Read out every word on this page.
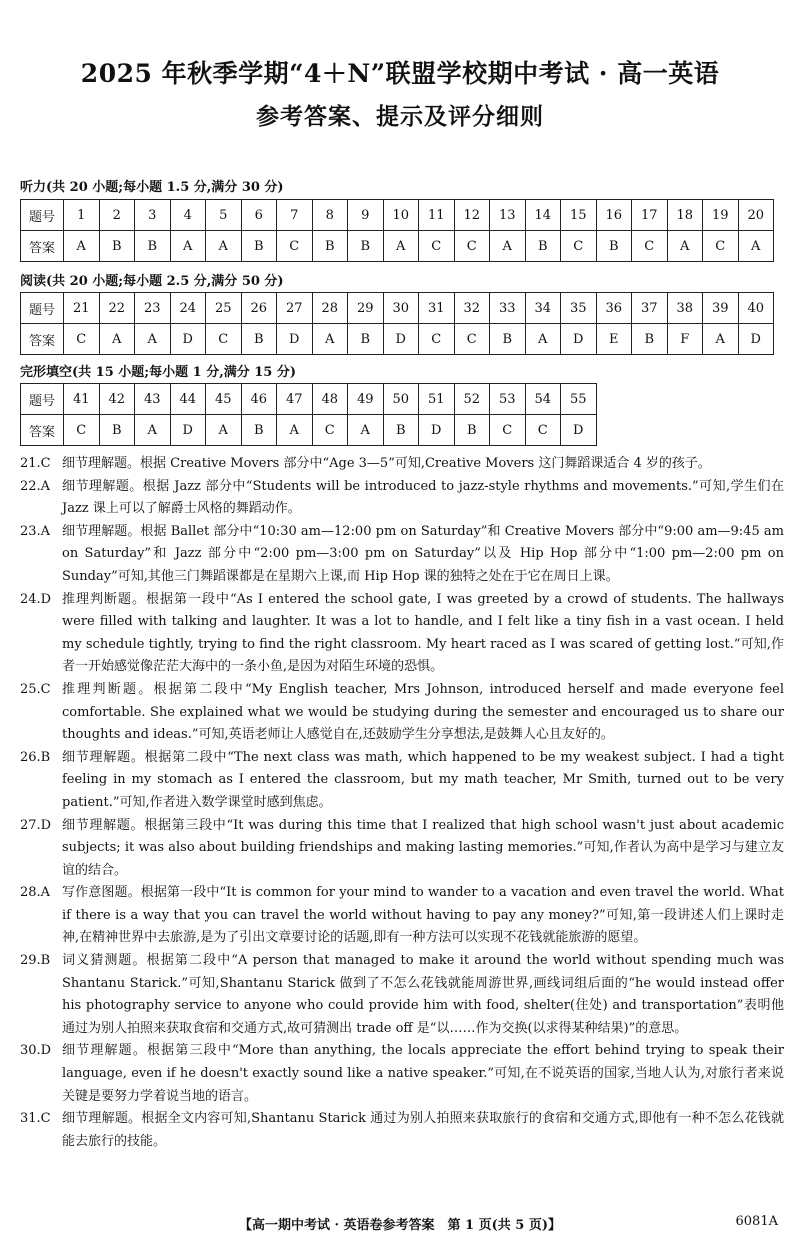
2025 年秋季学期“4＋N”联盟学校期中考试 · 高一英语
参考答案、提示及评分细则
听力(共 20 小题;每小题 1.5 分,满分 30 分)
题号	1	2	3	4	5	6	7	8	9	10	11	12	13	14	15	16	17	18	19	20
答案	A	B	B	A	A	B	C	B	B	A	C	C	A	B	C	B	C	A	C	A
阅读(共 20 小题;每小题 2.5 分,满分 50 分)
题号	21	22	23	24	25	26	27	28	29	30	31	32	33	34	35	36	37	38	39	40
答案	C	A	A	D	C	B	D	A	B	D	C	C	B	A	D	E	B	F	A	D
完形填空(共 15 小题;每小题 1 分,满分 15 分)
题号	41	42	43	44	45	46	47	48	49	50	51	52	53	54	55
答案	C	B	A	D	A	B	A	C	A	B	D	B	C	C	D
21.C 细节理解题。根据 Creative Movers 部分中“Age 3—5”可知,Creative Movers 这门舞蹈课适合 4 岁的孩子。
22.A 细节理解题。根据 Jazz 部分中“Students will be introduced to jazz-style rhythms and movements.”可知,学生们在 Jazz 课上可以了解爵士风格的舞蹈动作。
23.A 细节理解题。根据 Ballet 部分中“10:30 am—12:00 pm on Saturday”和 Creative Movers 部分中“9:00 am—9:45 am on Saturday”和 Jazz 部分中“2:00 pm—3:00 pm on Saturday”以及 Hip Hop 部分中“1:00 pm—2:00 pm on Sunday”可知,其他三门舞蹈课都是在星期六上课,而 Hip Hop 课的独特之处在于它在周日上课。
24.D 推理判断题。根据第一段中“As I entered the school gate, I was greeted by a crowd of students. The hallways were filled with talking and laughter. It was a lot to handle, and I felt like a tiny fish in a vast ocean. I held my schedule tightly, trying to find the right classroom. My heart raced as I was scared of getting lost.”可知,作者一开始感觉像茫茫大海中的一条小鱼,是因为对陌生环境的恐惧。
25.C 推理判断题。根据第二段中“My English teacher, Mrs Johnson, introduced herself and made everyone feel comfortable. She explained what we would be studying during the semester and encouraged us to share our thoughts and ideas.”可知,英语老师让人感觉自在,还鼓励学生分享想法,是鼓舞人心且友好的。
26.B 细节理解题。根据第二段中“The next class was math, which happened to be my weakest subject. I had a tight feeling in my stomach as I entered the classroom, but my math teacher, Mr Smith, turned out to be very patient.”可知,作者进入数学课堂时感到焦虑。
27.D 细节理解题。根据第三段中“It was during this time that I realized that high school wasn't just about academic subjects; it was also about building friendships and making lasting memories.”可知,作者认为高中是学习与建立友谊的结合。
28.A 写作意图题。根据第一段中“It is common for your mind to wander to a vacation and even travel the world. What if there is a way that you can travel the world without having to pay any money?”可知,第一段讲述人们上课时走神,在精神世界中去旅游,是为了引出文章要讨论的话题,即有一种方法可以实现不花钱就能旅游的愿望。
29.B 词义猜测题。根据第二段中“A person that managed to make it around the world without spending much was Shantanu Starick.”可知,Shantanu Starick 做到了不怎么花钱就能周游世界,画线词组后面的“he would instead offer his photography service to anyone who could provide him with food, shelter(住处) and transportation”表明他通过为别人拍照来获取食宿和交通方式,故可猜测出 trade off 是“以……作为交换(以求得某种结果)”的意思。
30.D 细节理解题。根据第三段中“More than anything, the locals appreciate the effort behind trying to speak their language, even if he doesn't exactly sound like a native speaker.”可知,在不说英语的国家,当地人认为,对旅行者来说关键是要努力学着说当地的语言。
31.C 细节理解题。根据全文内容可知,Shantanu Starick 通过为别人拍照来获取旅行的食宿和交通方式,即他有一种不怎么花钱就能去旅行的技能。
【高一期中考试 · 英语卷参考答案　第 1 页(共 5 页)】	6081A
